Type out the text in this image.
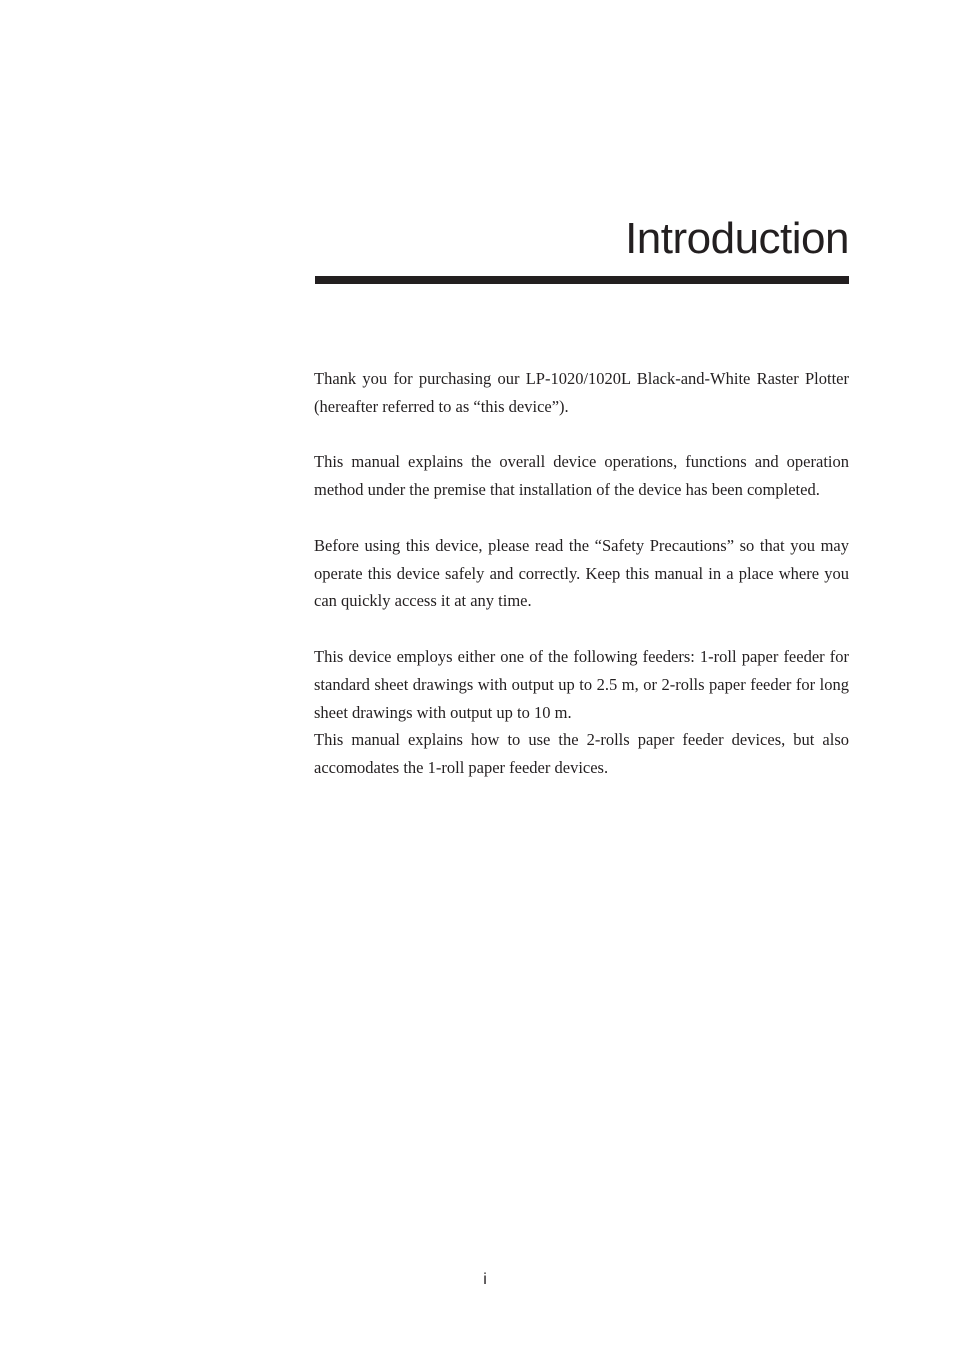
Introduction

Thank you for purchasing our LP-1020/1020L Black-and-White Raster Plotter (hereafter referred to as “this device”).

This manual explains the overall device operations, functions and operation method under the premise that installation of the device has been completed.

Before using this device, please read the “Safety Precautions” so that you may operate this device safely and correctly. Keep this manual in a place where you can quickly access it at any time.

This device employs either one of the following feeders: 1-roll paper feeder for standard sheet drawings with output up to 2.5 m, or 2-rolls paper feeder for long sheet drawings with output up to 10 m.

This manual explains how to use the 2-rolls paper feeder devices, but also accomodates the 1-roll paper feeder devices.

i
